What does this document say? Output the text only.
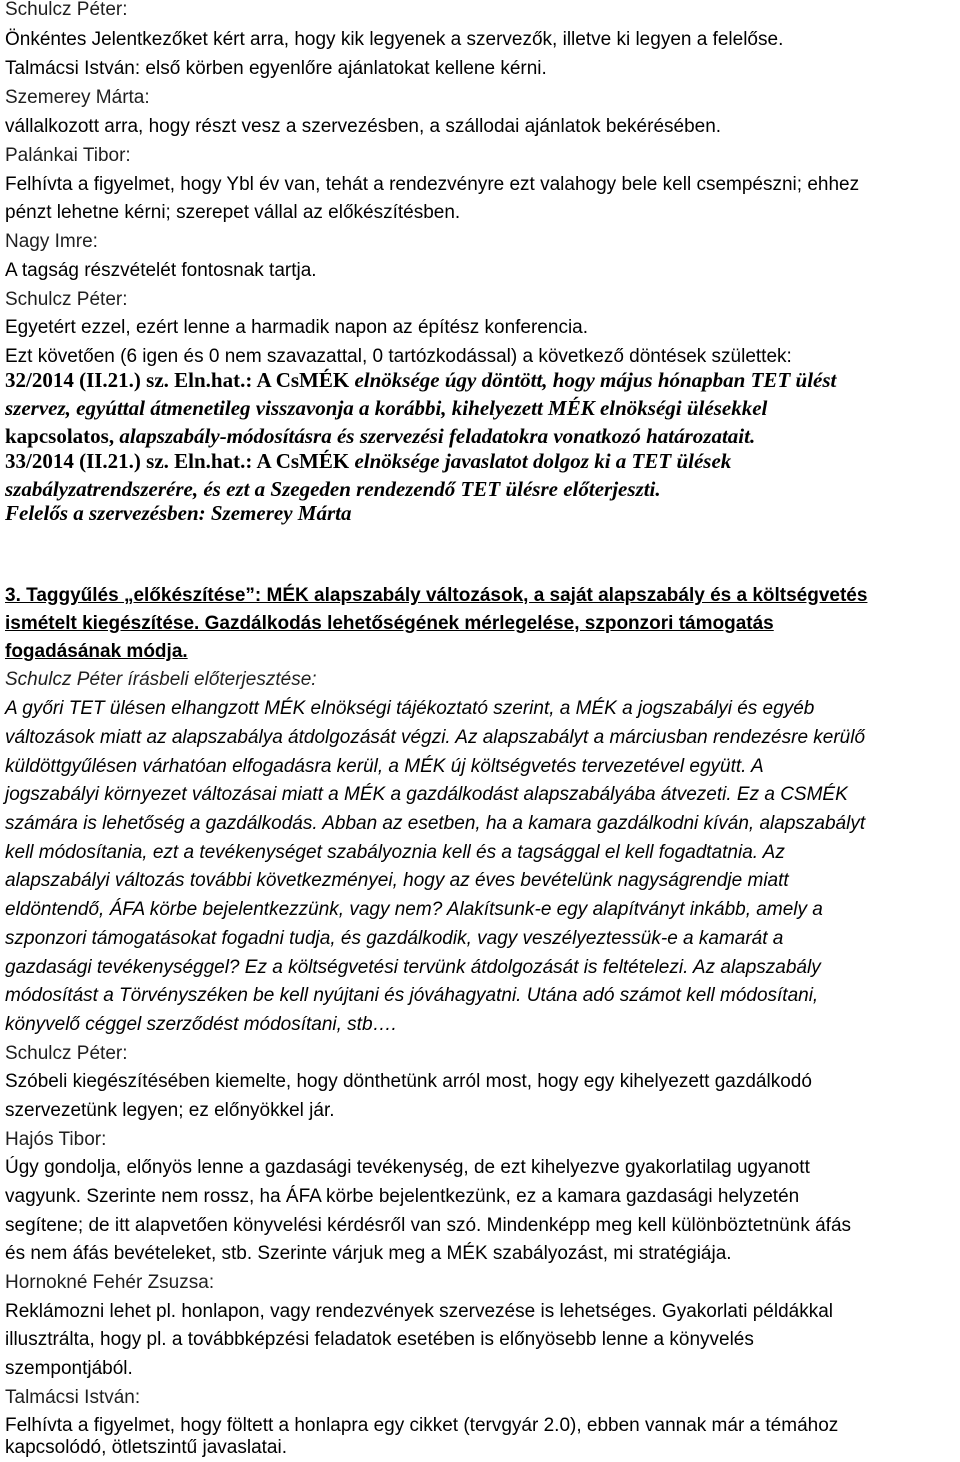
Schulcz Péter:
Önkéntes Jelentkezőket kért arra, hogy kik legyenek a szervezők, illetve ki legyen a felelőse.
Talmácsi István: első körben egyenlőre ajánlatokat kellene kérni.
Szemerey Márta:
vállalkozott arra, hogy részt vesz a szervezésben, a szállodai ajánlatok bekérésében.
Palánkai Tibor:
Felhívta a figyelmet, hogy Ybl év van, tehát a rendezvényre ezt valahogy bele kell csempészni; ehhez
pénzt lehetne kérni; szerepet vállal az előkészítésben.
Nagy Imre:
A tagság részvételét fontosnak tartja.
Schulcz Péter:
Egyetért ezzel, ezért lenne a harmadik napon az építész konferencia.
Ezt követően (6 igen és 0 nem szavazattal, 0 tartózkodással) a következő döntések születtek:
32/2014 (II.21.) sz. Eln.hat.: A CsMÉK elnöksége úgy döntött, hogy május hónapban TET ülést
szervez, egyúttal átmenetileg visszavonja a korábbi, kihelyezett MÉK elnökségi ülésekkel
kapcsolatos, alapszabály-módosításra és szervezési feladatokra vonatkozó határozatait.
33/2014 (II.21.) sz. Eln.hat.: A CsMÉK elnöksége javaslatot dolgoz ki a TET ülések
szabályzatrendszerére, és ezt a Szegeden rendezendő TET ülésre előterjeszti.
Felelős a szervezésben: Szemerey Márta
3. Taggyűlés „előkészítése”: MÉK alapszabály változások, a saját alapszabály és a költségvetés
ismételt kiegészítése. Gazdálkodás lehetőségének mérlegelése, szponzori támogatás
fogadásának módja.
Schulcz Péter írásbeli előterjesztése:
A győri TET ülésen elhangzott MÉK elnökségi tájékoztató szerint, a MÉK a jogszabályi és egyéb
változások miatt az alapszabálya átdolgozását végzi. Az alapszabályt a márciusban rendezésre kerülő
küldöttgyűlésen várhatóan elfogadásra kerül, a MÉK új költségvetés tervezetével együtt. A
jogszabályi környezet változásai miatt a MÉK a gazdálkodást alapszabályába átvezeti. Ez a CSMÉK
számára is lehetőség a gazdálkodás. Abban az esetben, ha a kamara gazdálkodni kíván, alapszabályt
kell módosítania, ezt a tevékenységet szabályoznia kell és a tagsággal el kell fogadtatnia. Az
alapszabályi változás további következményei, hogy az éves bevételünk nagyságrendje miatt
eldöntendő, ÁFA körbe bejelentkezzünk, vagy nem? Alakítsunk-e egy alapítványt inkább, amely a
szponzori támogatásokat fogadni tudja, és gazdálkodik, vagy veszélyeztessük-e a kamarát a
gazdasági tevékenységgel? Ez a költségvetési tervünk átdolgozását is feltételezi. Az alapszabály
módosítást a Törvényszéken be kell nyújtani és jóváhagyatni. Utána adó számot kell módosítani,
könyvelő céggel szerződést módosítani, stb….
Schulcz Péter:
Szóbeli kiegészítésében kiemelte, hogy dönthetünk arról most, hogy egy kihelyezett gazdálkodó
szervezetünk legyen; ez előnyökkel jár.
Hajós Tibor:
Úgy gondolja, előnyös lenne a gazdasági tevékenység, de ezt kihelyezve gyakorlatilag ugyanott
vagyunk. Szerinte nem rossz, ha ÁFA körbe bejelentkezünk, ez a kamara gazdasági helyzetén
segítene; de itt alapvetően könyvelési kérdésről van szó. Mindenképp meg kell különböztetnünk áfás
és nem áfás bevételeket, stb. Szerinte várjuk meg a MÉK szabályozást, mi stratégiája.
Hornokné Fehér Zsuzsa:
Reklámozni lehet pl. honlapon, vagy rendezvények szervezése is lehetséges. Gyakorlati példákkal
illusztrálta, hogy pl. a továbbképzési feladatok esetében is előnyösebb lenne a könyvelés
szempontjából.
Talmácsi István:
Felhívta a figyelmet, hogy föltett a honlapra egy cikket (tervgyár 2.0), ebben vannak már a témához
kapcsolódó, ötletszintű javaslatai.
